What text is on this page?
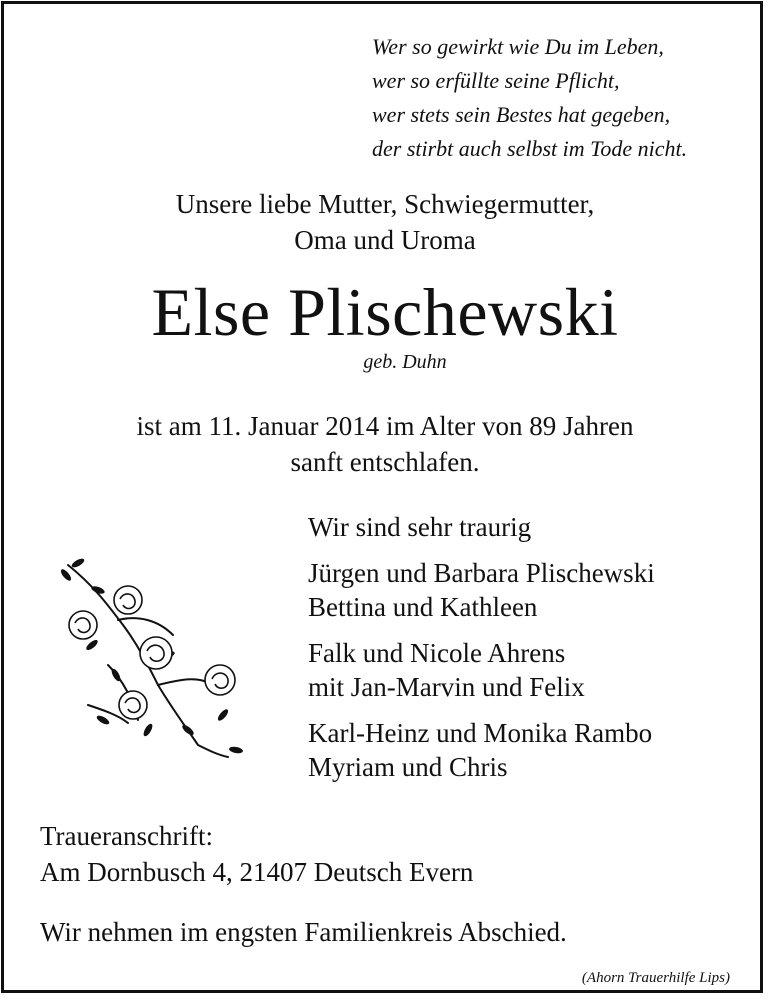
Wer so gewirkt wie Du im Leben,
wer so erfüllte seine Pflicht,
wer stets sein Bestes hat gegeben,
der stirbt auch selbst im Tode nicht.
Unsere liebe Mutter, Schwiegermutter,
Oma und Uroma
Else Plischewski
geb. Duhn
ist am 11. Januar 2014 im Alter von 89 Jahren
sanft entschlafen.
Wir sind sehr traurig
Jürgen und Barbara Plischewski
Bettina und Kathleen
Falk und Nicole Ahrens
mit Jan-Marvin und Felix
Karl-Heinz und Monika Rambo
Myriam und Chris
Traueranschrift:
Am Dornbusch 4, 21407 Deutsch Evern
Wir nehmen im engsten Familienkreis Abschied.
(Ahorn Trauerhilfe Lips)
